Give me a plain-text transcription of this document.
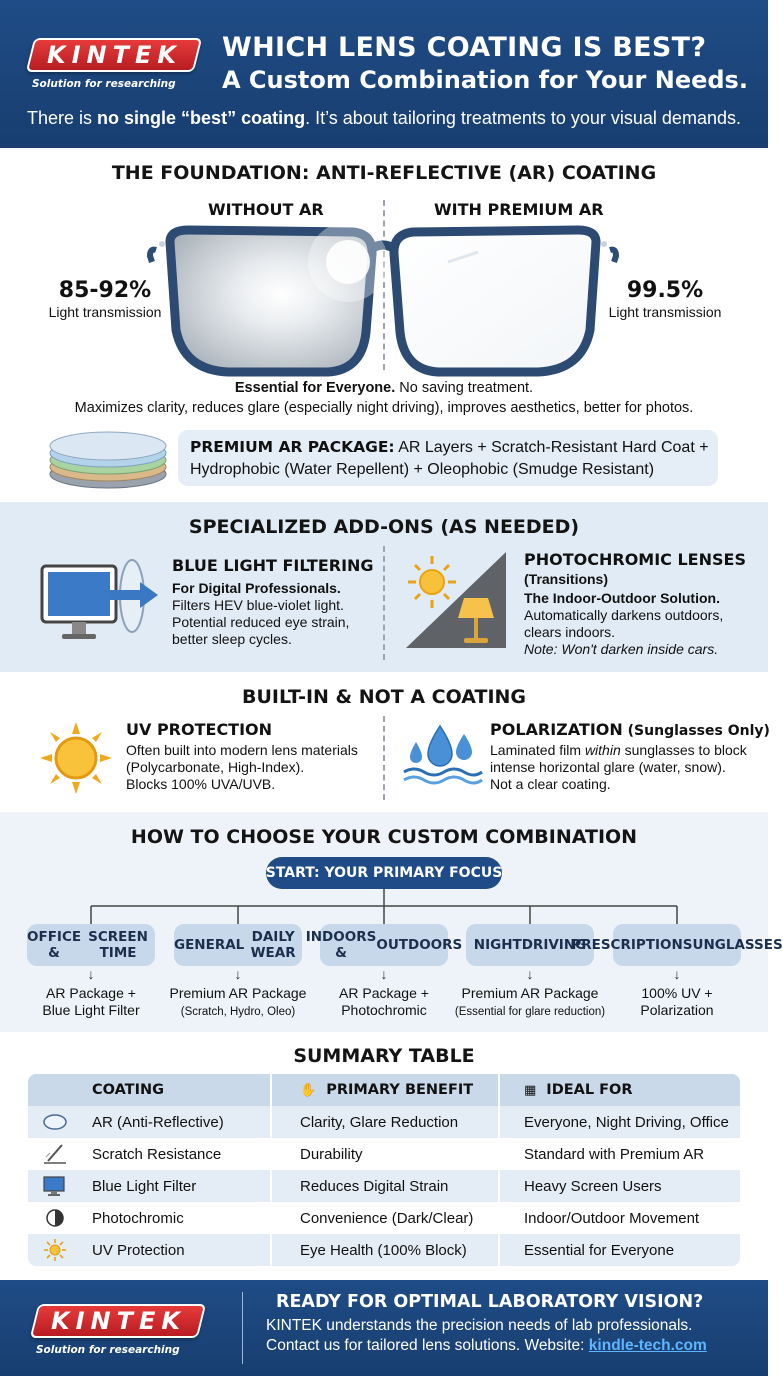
KINTEK
Solution for researching
WHICH LENS COATING IS BEST?
A Custom Combination for Your Needs.
There is no single “best” coating. It’s about tailoring treatments to your visual demands.
THE FOUNDATION: ANTI-REFLECTIVE (AR) COATING
WITHOUT AR	WITH PREMIUM AR
85-92%
Light transmission
99.5%
Light transmission
Essential for Everyone. No saving treatment.
Maximizes clarity, reduces glare (especially night driving), improves aesthetics, better for photos.
PREMIUM AR PACKAGE: AR Layers + Scratch-Resistant Hard Coat +
Hydrophobic (Water Repellent) + Oleophobic (Smudge Resistant)
SPECIALIZED ADD-ONS (AS NEEDED)
BLUE LIGHT FILTERING
For Digital Professionals.
Filters HEV blue-violet light.
Potential reduced eye strain,
better sleep cycles.
PHOTOCHROMIC LENSES
(Transitions)
The Indoor-Outdoor Solution.
Automatically darkens outdoors,
clears indoors.
Note: Won't darken inside cars.
BUILT-IN & NOT A COATING
UV PROTECTION
Often built into modern lens materials
(Polycarbonate, High-Index).
Blocks 100% UVA/UVB.
POLARIZATION (Sunglasses Only)
Laminated film within sunglasses to block
intense horizontal glare (water, snow).
Not a clear coating.
HOW TO CHOOSE YOUR CUSTOM COMBINATION
START: YOUR PRIMARY FOCUS
OFFICE &

SCREEN TIME
↓
AR Package +
Blue Light Filter
GENERAL DAILY WEAR
↓
Premium AR Package
(Scratch, Hydro, Oleo)
INDOORS &	OUTDOORS
↓
AR Package +
Photochromic
NIGHT DRIVING
↓
Premium AR Package
(Essential for glare reduction)
PRESCRIPTION SUNGLASSES
↓
100% UV +
Polarization
SUMMARY TABLE
COATING	✋ PRIMARY BENEFIT	▦ IDEAL FOR
AR (Anti-Reflective)	Clarity, Glare Reduction	Everyone, Night Driving, Office
Scratch Resistance	Durability	Standard with Premium AR
Blue Light Filter	Reduces Digital Strain	Heavy Screen Users
Photochromic	Convenience (Dark/Clear)	Indoor/Outdoor Movement
UV Protection	Eye Health (100% Block)	Essential for Everyone
KINTEK
Solution for researching
READY FOR OPTIMAL LABORATORY VISION?
KINTEK understands the precision needs of lab professionals.
Contact us for tailored lens solutions. Website: kindle-tech.com
